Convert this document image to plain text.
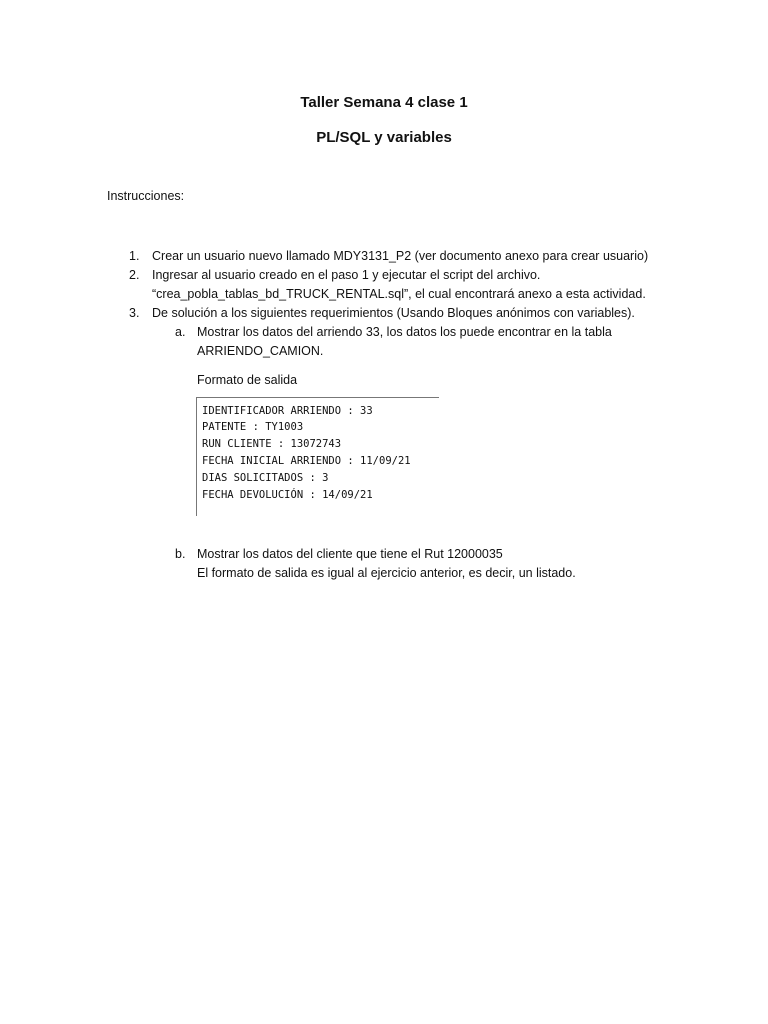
Taller Semana 4 clase 1
PL/SQL y variables
Instrucciones:
1. Crear un usuario nuevo llamado MDY3131_P2 (ver documento anexo para crear usuario)
2. Ingresar al usuario creado en el paso 1 y ejecutar el script del archivo.
“crea_pobla_tablas_bd_TRUCK_RENTAL.sql”, el cual encontrará anexo a esta actividad.
3. De solución a los siguientes requerimientos (Usando Bloques anónimos con variables).
a. Mostrar los datos del arriendo 33, los datos los puede encontrar en la tabla
ARRIENDO_CAMION.
Formato de salida
IDENTIFICADOR ARRIENDO : 33
PATENTE : TY1003
RUN CLIENTE : 13072743
FECHA INICIAL ARRIENDO : 11/09/21
DIAS SOLICITADOS : 3
FECHA DEVOLUCIÓN : 14/09/21
b. Mostrar los datos del cliente que tiene el Rut 12000035
El formato de salida es igual al ejercicio anterior, es decir, un listado.
